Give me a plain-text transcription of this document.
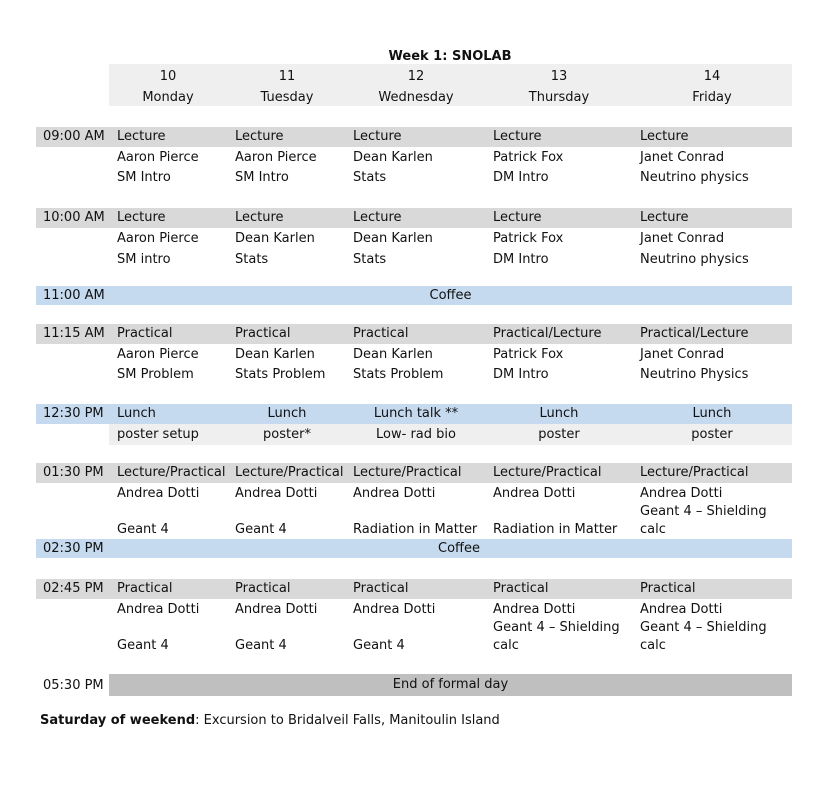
Week 1: SNOLAB
10
Monday
11
Tuesday
12
Wednesday
13
Thursday
14
Friday
09:00 AM
10:00 AM
11:00 AM
11:15 AM
12:30 PM
01:30 PM
02:30 PM
02:45 PM
05:30 PM
Coffee
Coffee
End of formal day
Lecture
Aaron Pierce
SM Intro
Lecture
Aaron Pierce
SM Intro
Lecture
Dean Karlen
Stats
Lecture
Patrick Fox
DM Intro
Lecture
Janet Conrad
Neutrino physics
Lecture
Aaron Pierce
SM intro
Lecture
Dean Karlen
Stats
Lecture
Dean Karlen
Stats
Lecture
Patrick Fox
DM Intro
Lecture
Janet Conrad
Neutrino physics
Practical
Aaron Pierce
SM Problem
Practical
Dean Karlen
Stats Problem
Practical
Dean Karlen
Stats Problem
Practical/Lecture
Patrick Fox
DM Intro
Practical/Lecture
Janet Conrad
Neutrino Physics
Lunch
poster setup
Lunch
poster*
Lunch talk **
Low- rad bio
Lunch
poster
Lunch
poster
Lecture/Practical
Andrea Dotti
Geant 4
Lecture/Practical
Andrea Dotti
Geant 4
Lecture/Practical
Andrea Dotti
Radiation in Matter
Lecture/Practical
Andrea Dotti
Radiation in Matter
Lecture/Practical
Andrea Dotti
Geant 4 – Shielding
calc
Practical
Andrea Dotti
Geant 4
Practical
Andrea Dotti
Geant 4
Practical
Andrea Dotti
Geant 4
Practical
Andrea Dotti
Geant 4 – Shielding
calc
Practical
Andrea Dotti
Geant 4 – Shielding
calc
Saturday of weekend: Excursion to Bridalveil Falls, Manitoulin Island
